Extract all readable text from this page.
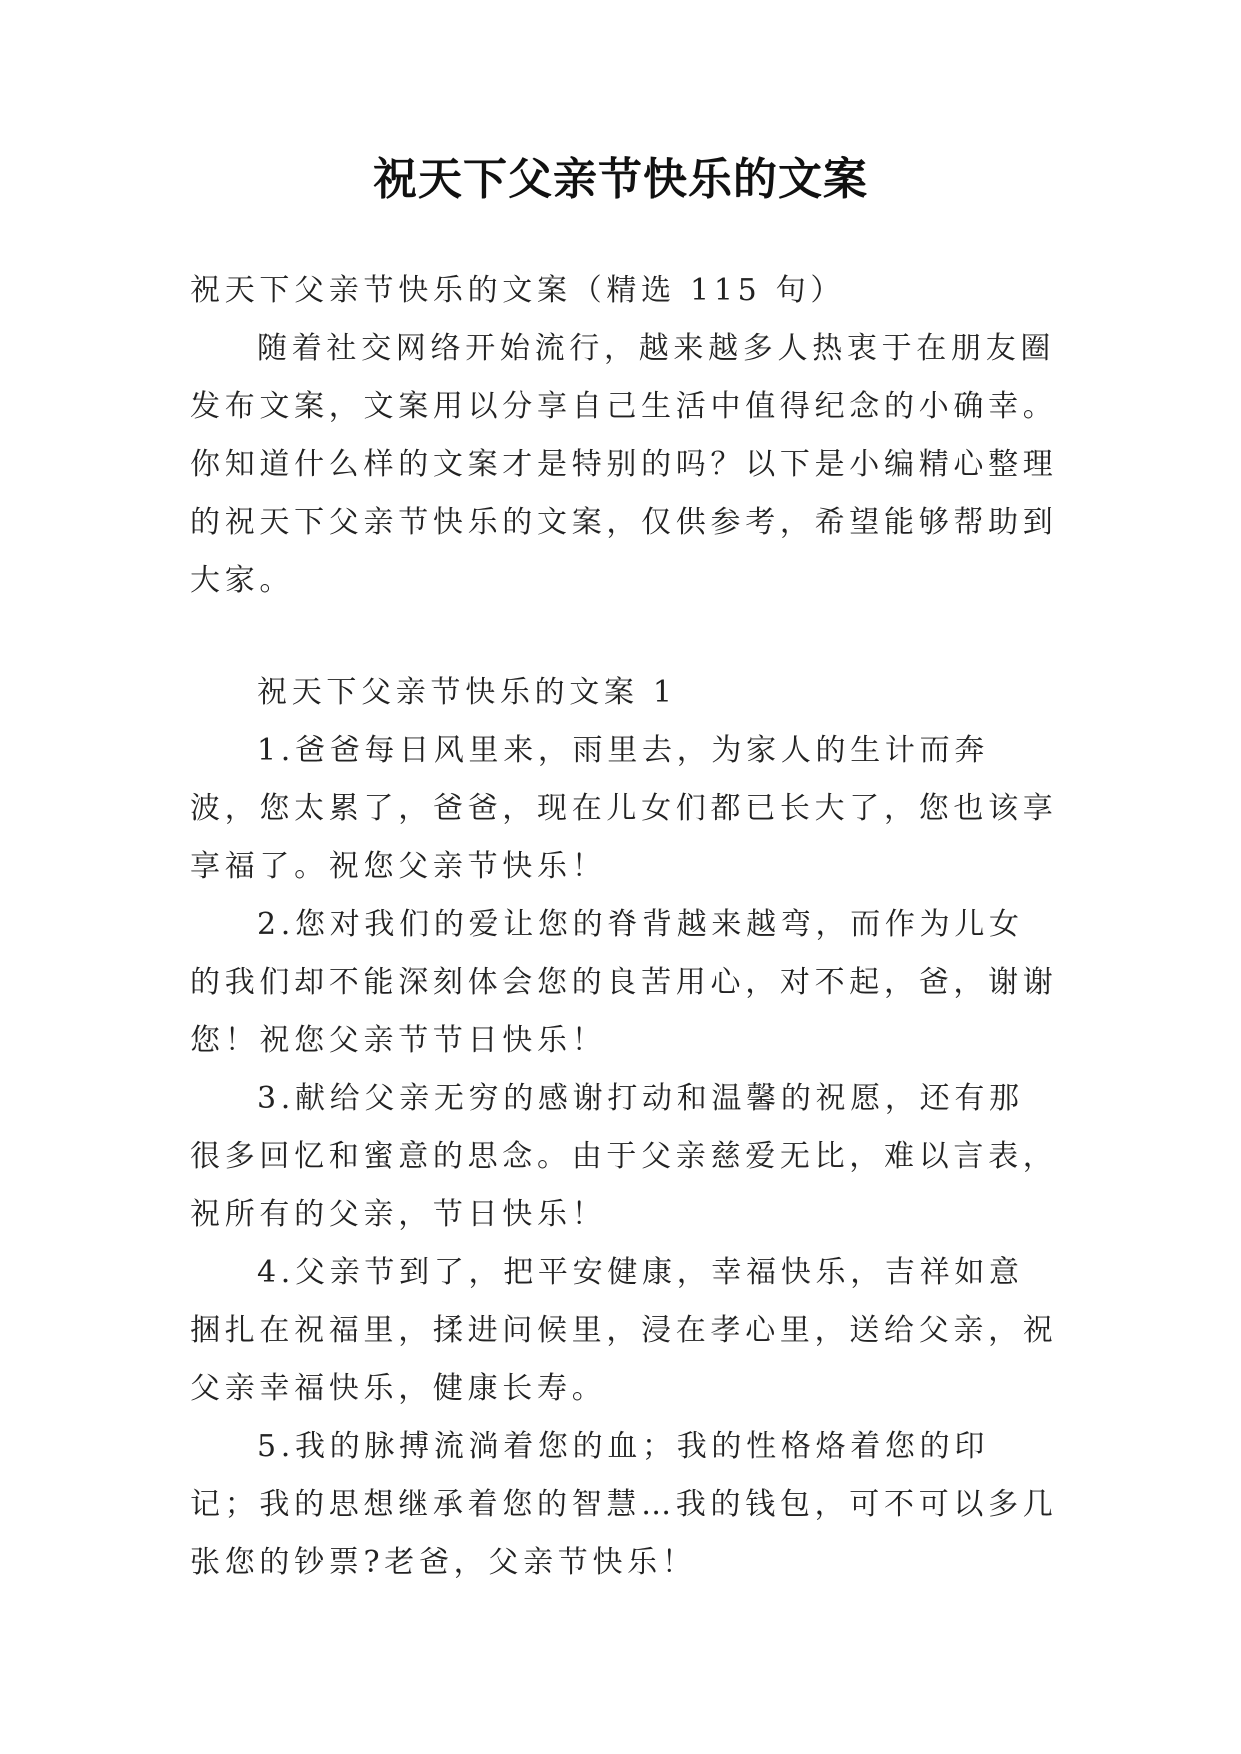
祝天下父亲节快乐的文案

祝天下父亲节快乐的文案（精选 115 句）

随着社交网络开始流行，越来越多人热衷于在朋友圈发布文案，文案用以分享自己生活中值得纪念的小确幸。你知道什么样的文案才是特别的吗？以下是小编精心整理的祝天下父亲节快乐的文案，仅供参考，希望能够帮助到大家。

祝天下父亲节快乐的文案 1

1.爸爸每日风里来，雨里去，为家人的生计而奔波，您太累了，爸爸，现在儿女们都已长大了，您也该享享福了。祝您父亲节快乐！

2.您对我们的爱让您的脊背越来越弯，而作为儿女的我们却不能深刻体会您的良苦用心，对不起，爸，谢谢您！祝您父亲节节日快乐！

3.献给父亲无穷的感谢打动和温馨的祝愿，还有那很多回忆和蜜意的思念。由于父亲慈爱无比，难以言表，祝所有的父亲，节日快乐！

4.父亲节到了，把平安健康，幸福快乐，吉祥如意捆扎在祝福里，揉进问候里，浸在孝心里，送给父亲，祝父亲幸福快乐，健康长寿。

5.我的脉搏流淌着您的血；我的性格烙着您的印记；我的思想继承着您的智慧…我的钱包，可不可以多几张您的钞票?老爸，父亲节快乐！
